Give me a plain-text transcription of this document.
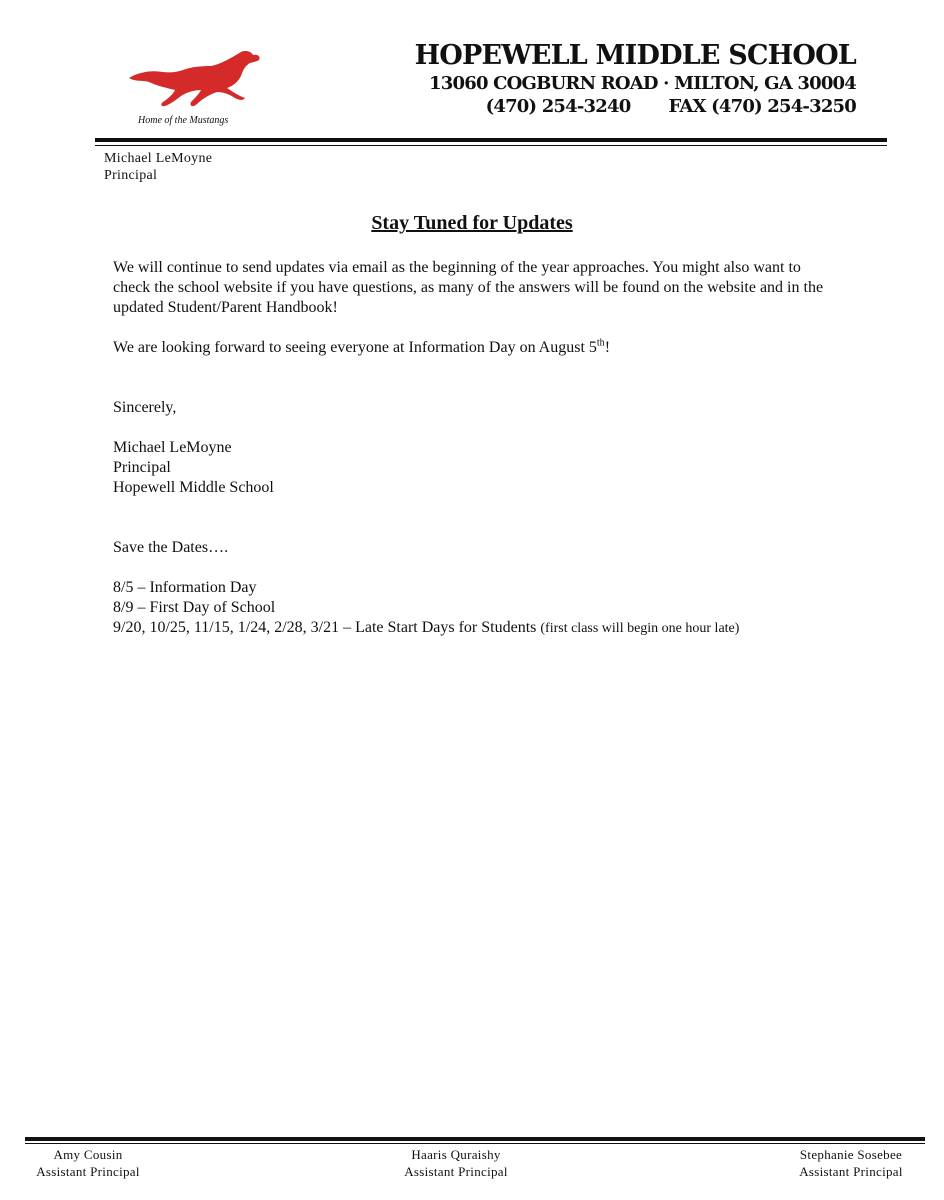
Home of the Mustangs
HOPEWELL MIDDLE SCHOOL
13060 COGBURN ROAD · MILTON, GA 30004
(470) 254-3240 FAX (470) 254-3250
Michael LeMoyne
Principal
Stay Tuned for Updates

We will continue to send updates via email as the beginning of the year approaches. You might also want to check the school website if you have questions, as many of the answers will be found on the website and in the updated Student/Parent Handbook!

We are looking forward to seeing everyone at Information Day on August 5th!

Sincerely,

Michael LeMoyne

Principal

Hopewell Middle School

Save the Dates….

8/5 – Information Day

8/9 – First Day of School

9/20, 10/25, 11/15, 1/24, 2/28, 3/21 – Late Start Days for Students (first class will begin one hour late)

Amy Cousin
Assistant Principal
Haaris Quraishy
Assistant Principal
Stephanie Sosebee
Assistant Principal
